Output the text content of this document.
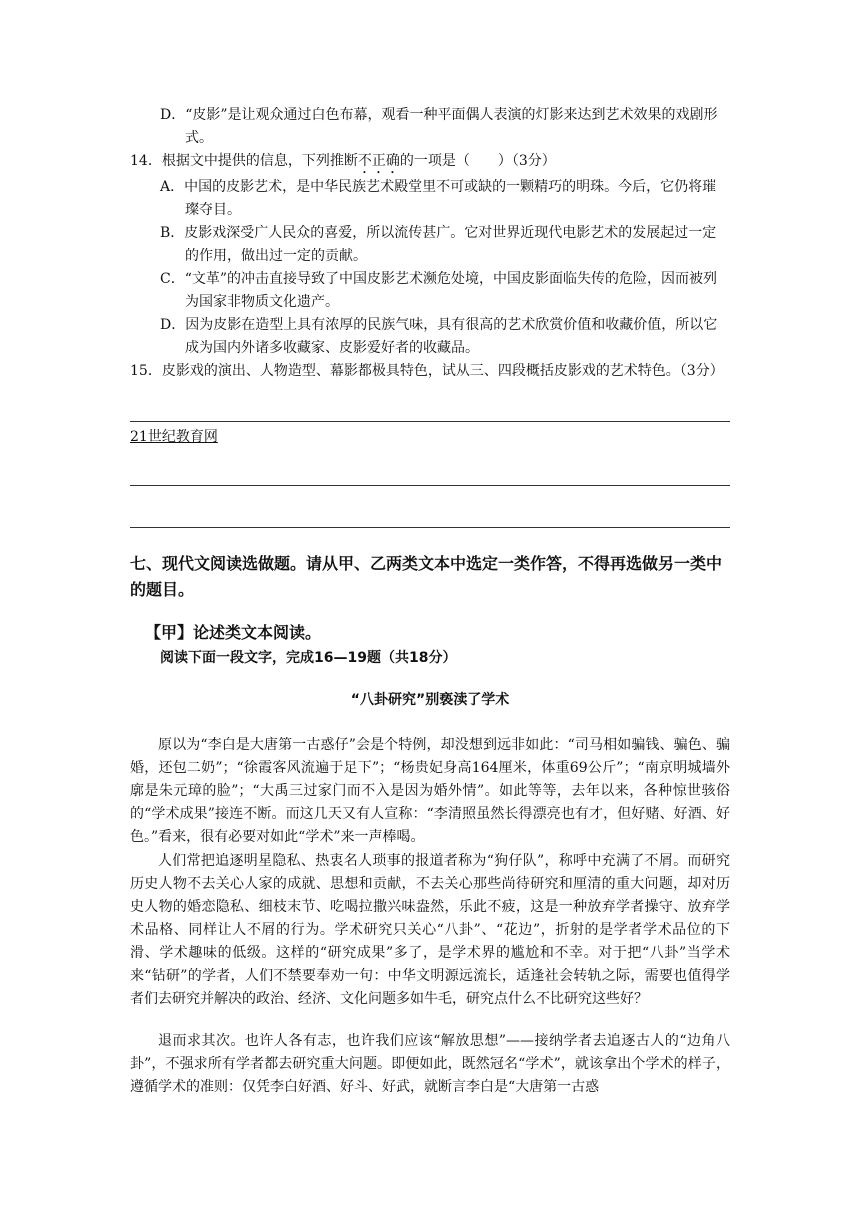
D．“皮影”是让观众通过白色布幕，观看一种平面偶人表演的灯影来达到艺术效果的戏剧形式。

14．根据文中提供的信息，下列推断不正确的一项是（　　）（3分）

A．中国的皮影艺术，是中华民族艺术殿堂里不可或缺的一颗精巧的明珠。今后，它仍将璀璨夺目。

B．皮影戏深受广人民众的喜爱，所以流传甚广。它对世界近现代电影艺术的发展起过一定的作用，做出过一定的贡献。

C．“文革”的冲击直接导致了中国皮影艺术濒危处境，中国皮影面临失传的危险，因而被列为国家非物质文化遗产。

D．因为皮影在造型上具有浓厚的民族气味，具有很高的艺术欣赏价值和收藏价值，所以它成为国内外诸多收藏家、皮影爱好者的收藏品。

15．皮影戏的演出、人物造型、幕影都极具特色，试从三、四段概括皮影戏的艺术特色。（3分）

21世纪教育网
七、现代文阅读选做题。请从甲、乙两类文本中选定一类作答，不得再选做另一类中的题目。
【甲】论述类文本阅读。
阅读下面一段文字，完成16—19题（共18分）
“八卦研究”别亵渎了学术

原以为“李白是大唐第一古惑仔”会是个特例，却没想到远非如此：“司马相如骗钱、骗色、骗婚，还包二奶”；“徐霞客风流遍于足下”；“杨贵妃身高164厘米，体重69公斤”；“南京明城墙外廓是朱元璋的脸”；“大禹三过家门而不入是因为婚外情”。如此等等，去年以来，各种惊世骇俗的“学术成果”接连不断。而这几天又有人宣称：“李清照虽然长得漂亮也有才，但好赌、好酒、好色。”看来，很有必要对如此“学术”来一声棒喝。

人们常把追逐明星隐私、热衷名人琐事的报道者称为“狗仔队”，称呼中充满了不屑。而研究历史人物不去关心人家的成就、思想和贡献，不去关心那些尚待研究和厘清的重大问题，却对历史人物的婚恋隐私、细枝末节、吃喝拉撒兴味盎然，乐此不疲，这是一种放弃学者操守、放弃学术品格、同样让人不屑的行为。学术研究只关心“八卦”、“花边”，折射的是学者学术品位的下滑、学术趣味的低级。这样的“研究成果”多了，是学术界的尴尬和不幸。对于把“八卦”当学术来“钻研”的学者，人们不禁要奉劝一句：中华文明源远流长，适逢社会转轨之际，需要也值得学者们去研究并解决的政治、经济、文化问题多如牛毛，研究点什么不比研究这些好？

退而求其次。也许人各有志，也许我们应该“解放思想”——接纳学者去追逐古人的“边角八卦”，不强求所有学者都去研究重大问题。即便如此，既然冠名“学术”，就该拿出个学术的样子，遵循学术的准则：仅凭李白好酒、好斗、好武，就断言李白是“大唐第一古惑
